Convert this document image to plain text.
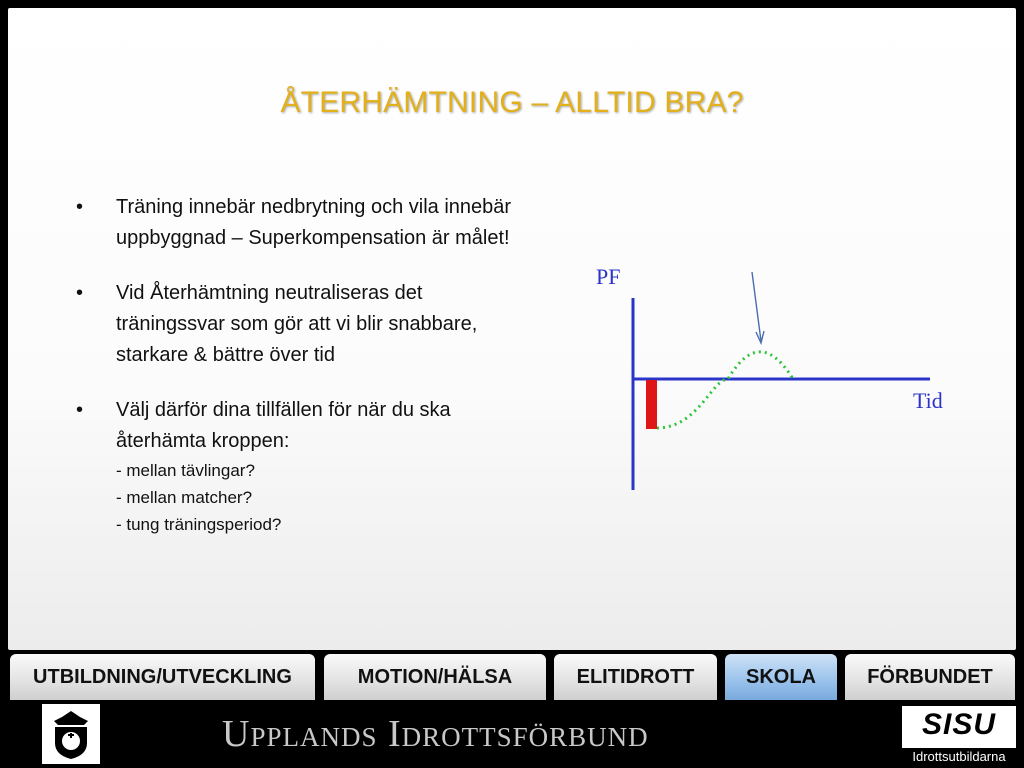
ÅTERHÄMTNING – ALLTID BRA?
• Träning innebär nedbrytning och vila innebär uppbyggnad – Superkompensation är målet!
• Vid Återhämtning neutraliseras det träningssvar som gör att vi blir snabbare, starkare & bättre över tid
• Välj därför dina tillfällen för när du ska återhämta kroppen:
- mellan tävlingar?
- mellan matcher?
- tung träningsperiod?
PF
Tid
UTBILDNING/UTVECKLING	MOTION/HÄLSA	ELITIDROTT	SKOLA	FÖRBUNDET
Upplands Idrottsförbund	SISU
Idrottsutbildarna
